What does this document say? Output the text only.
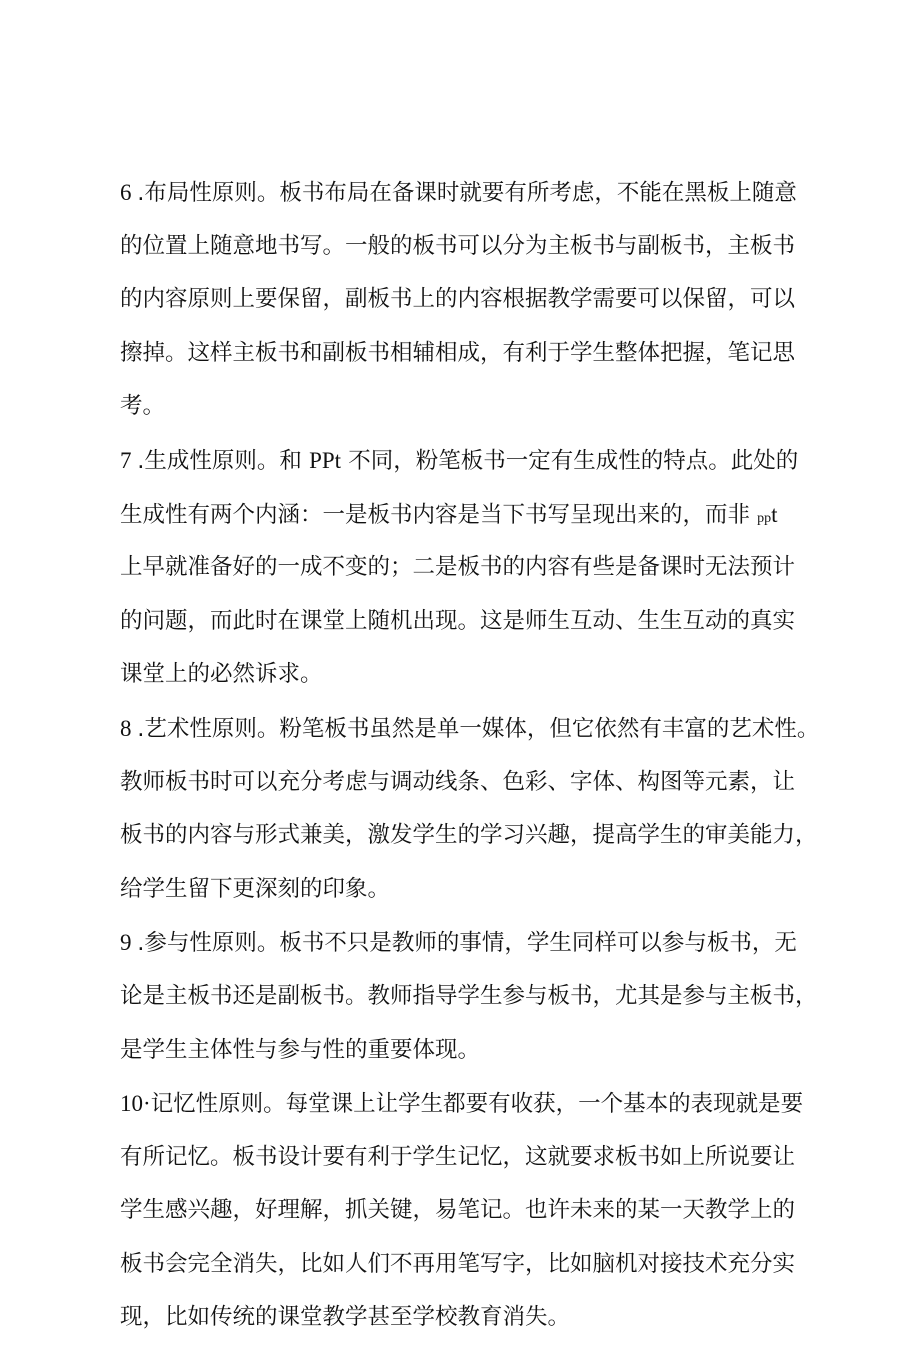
6 .布局性原则。板书布局在备课时就要有所考虑，不能在黑板上随意
的位置上随意地书写。一般的板书可以分为主板书与副板书，主板书
的内容原则上要保留，副板书上的内容根据教学需要可以保留，可以
擦掉。这样主板书和副板书相辅相成，有利于学生整体把握，笔记思
考。
7 .生成性原则。和 PPt 不同，粉笔板书一定有生成性的特点。此处的
生成性有两个内涵：一是板书内容是当下书写呈现出来的，而非 ppt
上早就准备好的一成不变的；二是板书的内容有些是备课时无法预计
的问题，而此时在课堂上随机出现。这是师生互动、生生互动的真实
课堂上的必然诉求。
8 .艺术性原则。粉笔板书虽然是单一媒体，但它依然有丰富的艺术性。
教师板书时可以充分考虑与调动线条、色彩、字体、构图等元素，让
板书的内容与形式兼美，激发学生的学习兴趣，提高学生的审美能力，
给学生留下更深刻的印象。
9 .参与性原则。板书不只是教师的事情，学生同样可以参与板书，无
论是主板书还是副板书。教师指导学生参与板书，尤其是参与主板书，
是学生主体性与参与性的重要体现。
10·记忆性原则。每堂课上让学生都要有收获，一个基本的表现就是要
有所记忆。板书设计要有利于学生记忆，这就要求板书如上所说要让
学生感兴趣，好理解，抓关键，易笔记。也许未来的某一天教学上的
板书会完全消失，比如人们不再用笔写字，比如脑机对接技术充分实
现，比如传统的课堂教学甚至学校教育消失。
